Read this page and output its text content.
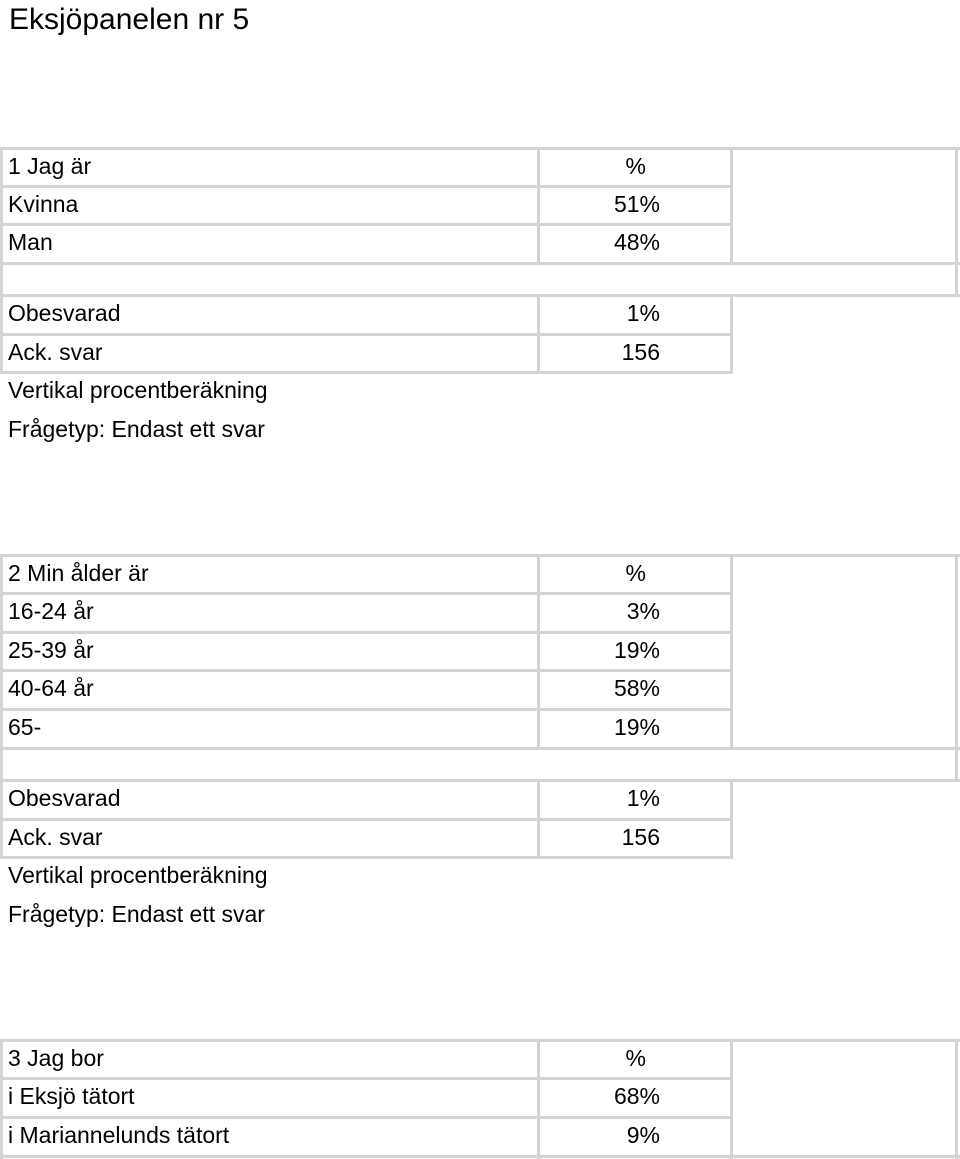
Eksjöpanelen nr 5
1 Jag är	%
Kvinna	51%
Man	48%
Obesvarad	1%
Ack. svar	156
Vertikal procentberäkning
Frågetyp: Endast ett svar
2 Min ålder är	%
16-24 år	3%
25-39 år	19%
40-64 år	58%
65-	19%
Obesvarad	1%
Ack. svar	156
Vertikal procentberäkning
Frågetyp: Endast ett svar
3 Jag bor	%
i Eksjö tätort	68%
i Mariannelunds tätort	9%
